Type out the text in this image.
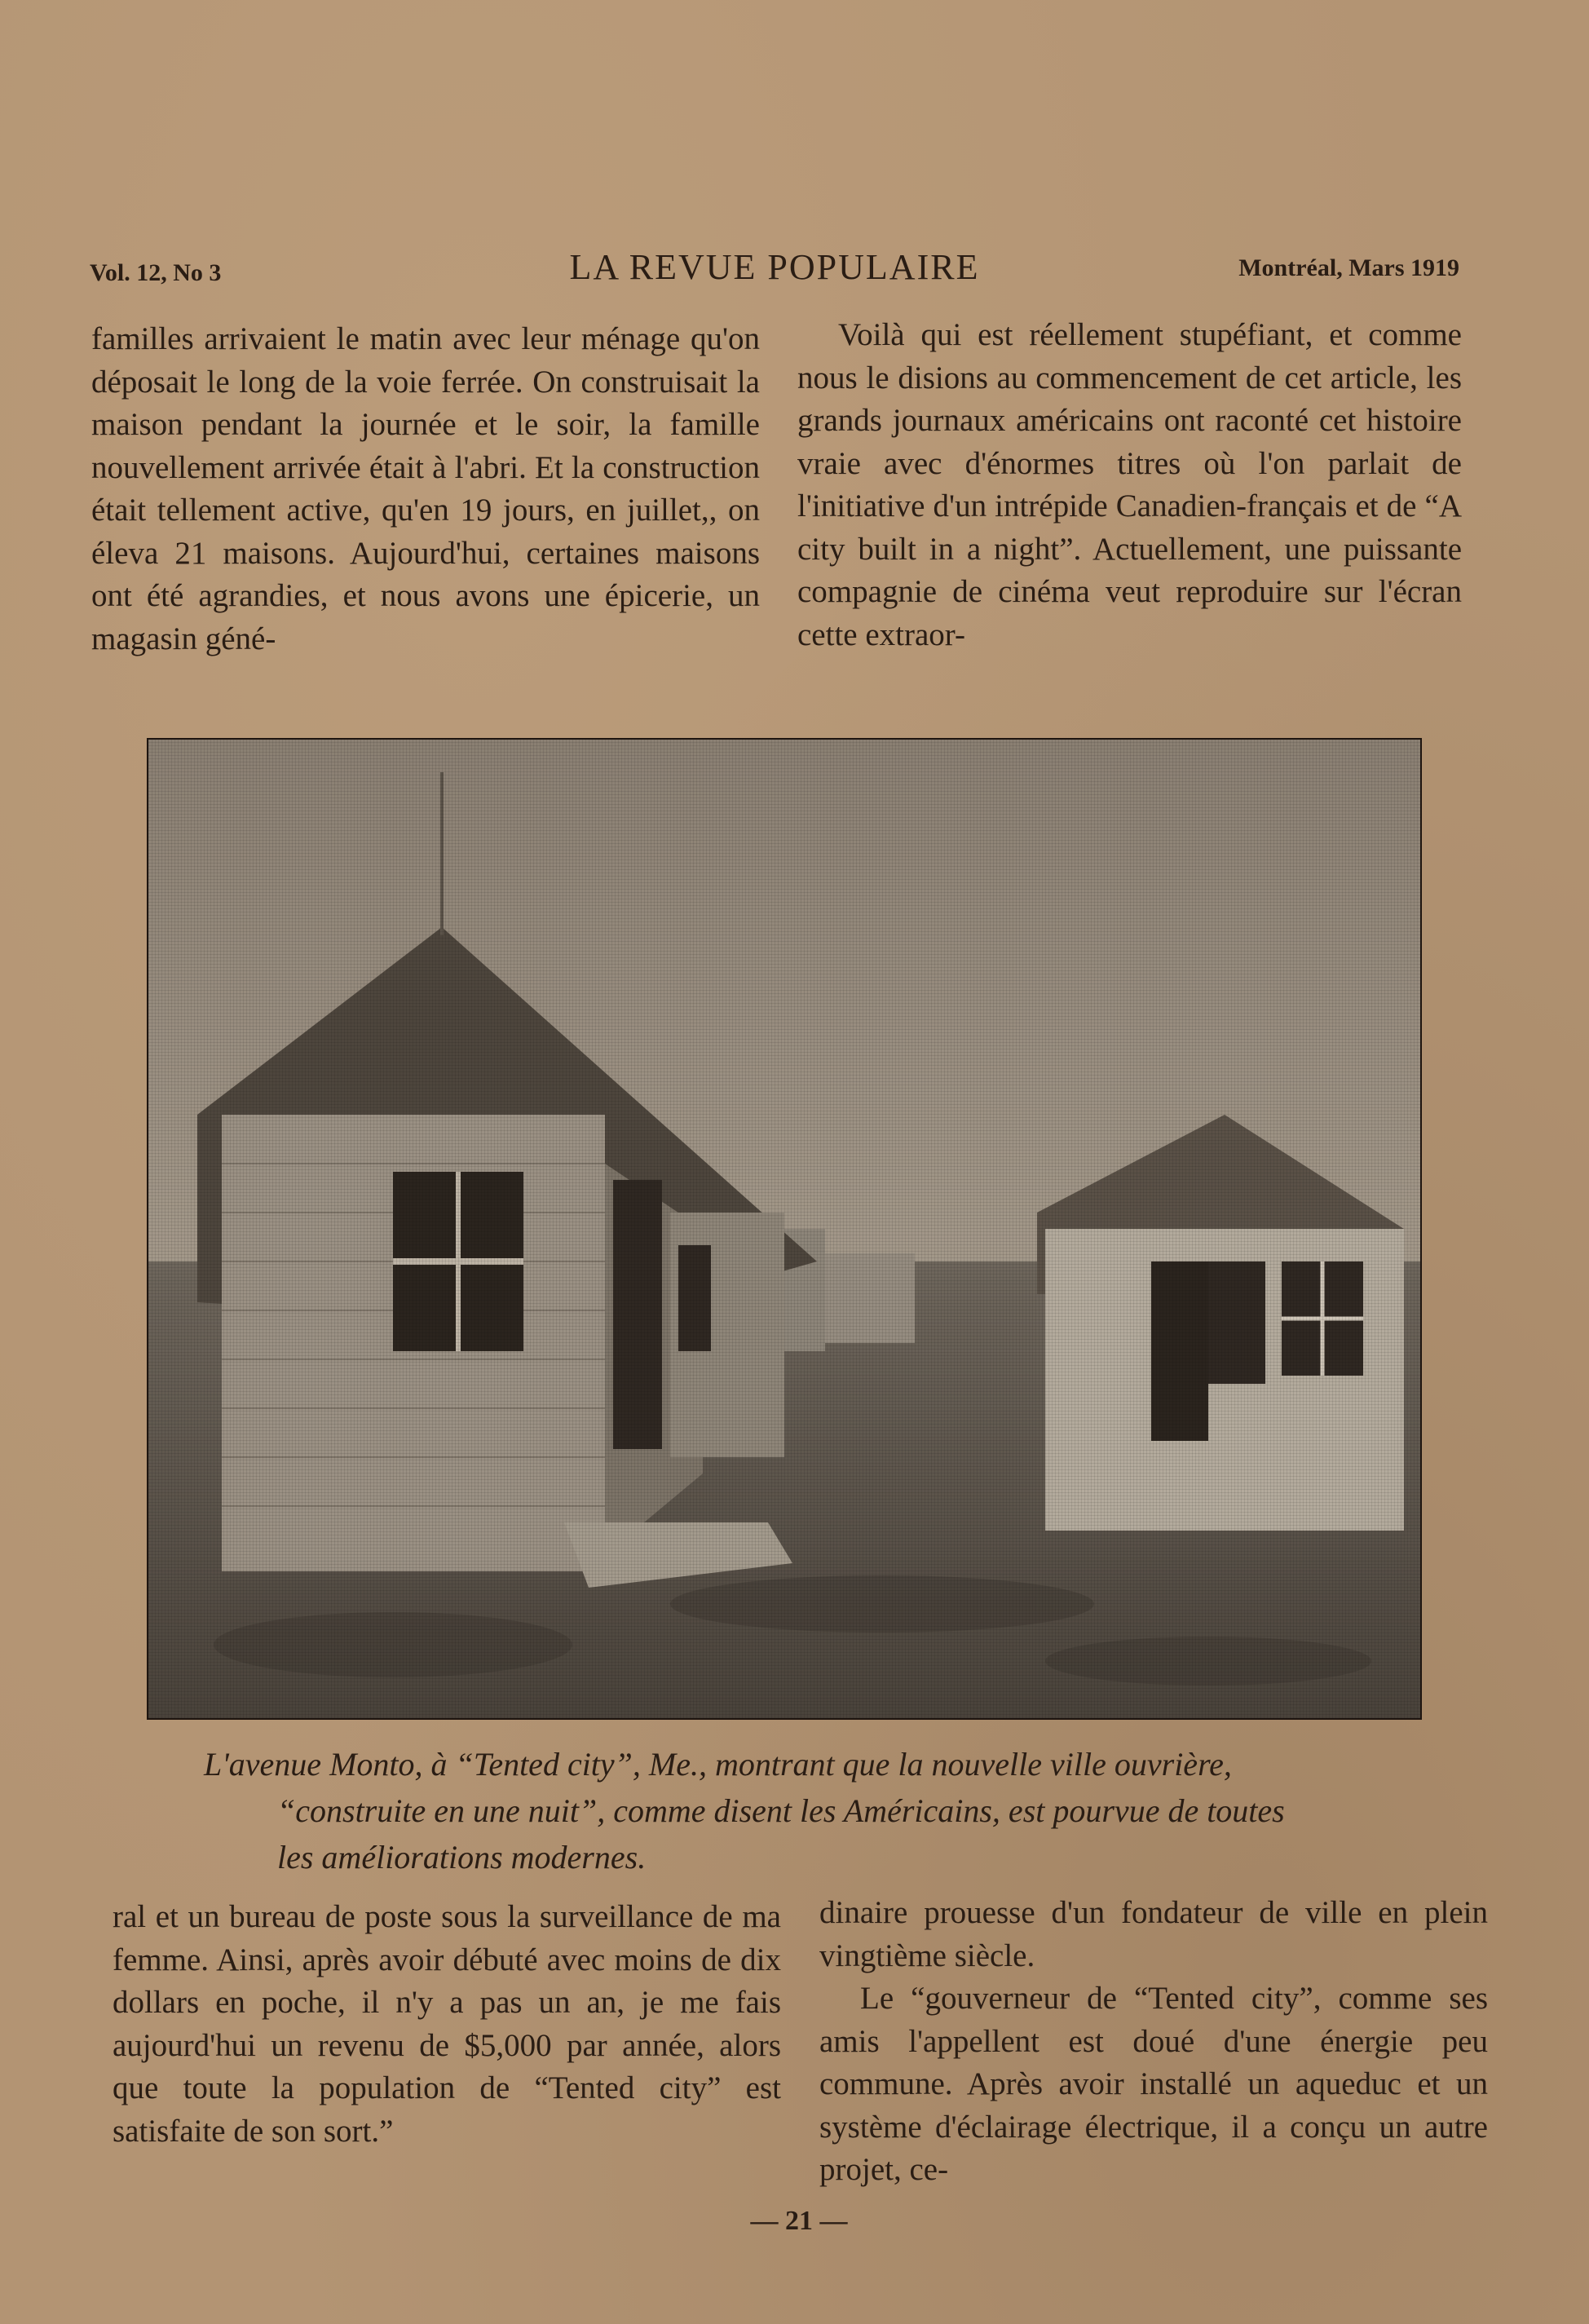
Vol. 12, No 3	LA REVUE POPULAIRE	Montréal, Mars 1919

familles arrivaient le matin avec leur ménage qu'on déposait le long de la voie ferrée. On construisait la maison pendant la journée et le soir, la famille nouvellement arrivée était à l'abri. Et la construction était tellement active, qu'en 19 jours, en juillet,, on éleva 21 maisons. Aujourd'hui, certaines maisons ont été agrandies, et nous avons une épicerie, un magasin géné-

Voilà qui est réellement stupéfiant, et comme nous le disions au commencement de cet article, les grands journaux américains ont raconté cet histoire vraie avec d'énormes titres où l'on parlait de l'initiative d'un intrépide Canadien-français et de “A city built in a night”. Actuellement, une puissante compagnie de cinéma veut reproduire sur l'écran cette extraor-

L'avenue Monto, à “Tented city”, Me., montrant que la nouvelle ville ouvrière,
“construite en une nuit”, comme disent les Américains, est pourvue de toutes
les améliorations modernes.

ral et un bureau de poste sous la surveillance de ma femme. Ainsi, après avoir débuté avec moins de dix dollars en poche, il n'y a pas un an, je me fais aujourd'hui un revenu de $5,000 par année, alors que toute la population de “Tented city” est satisfaite de son sort.”

dinaire prouesse d'un fondateur de ville en plein vingtième siècle.

Le “gouverneur de “Tented city”, comme ses amis l'appellent est doué d'une énergie peu commune. Après avoir installé un aqueduc et un système d'éclairage électrique, il a conçu un autre projet, ce-

— 21 —
